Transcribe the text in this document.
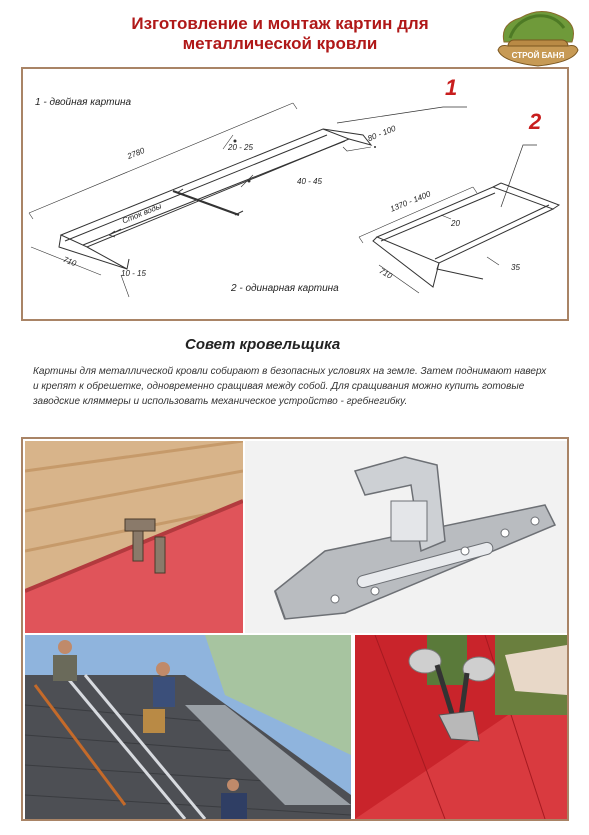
Изготовление и монтаж картин для
металлической кровли
СТРОЙ БАНЯ
1 - двойная картина
2 - одинарная картина
1
2
2780	20 - 25
80 - 100
40 - 45
710
10 - 15
Сток воды	1370 - 1400
20
710	35
Совет кровельщика
Картины для металлической кровли собирают в безопасных условиях на земле. Затем поднимают наверх и крепят к обрешетке, одновременно сращивая между собой. Для сращивания можно купить готовые заводские кляммеры и использовать механическое устройство - гребнегибку.
